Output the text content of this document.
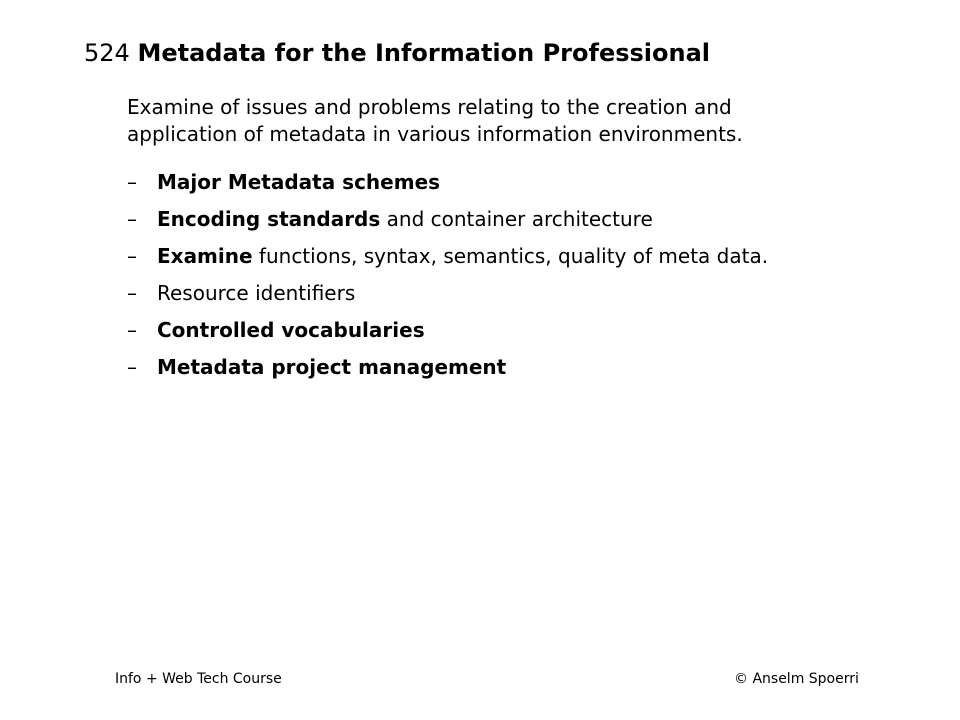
524 Metadata for the Information Professional

Examine of issues and problems relating to the creation and
application of metadata in various information environments.

– Major Metadata schemes
– Encoding standards and container architecture
– Examine functions, syntax, semantics, quality of meta data.
– Resource identifiers
– Controlled vocabularies
– Metadata project management
Info + Web Tech Course	© Anselm Spoerri
